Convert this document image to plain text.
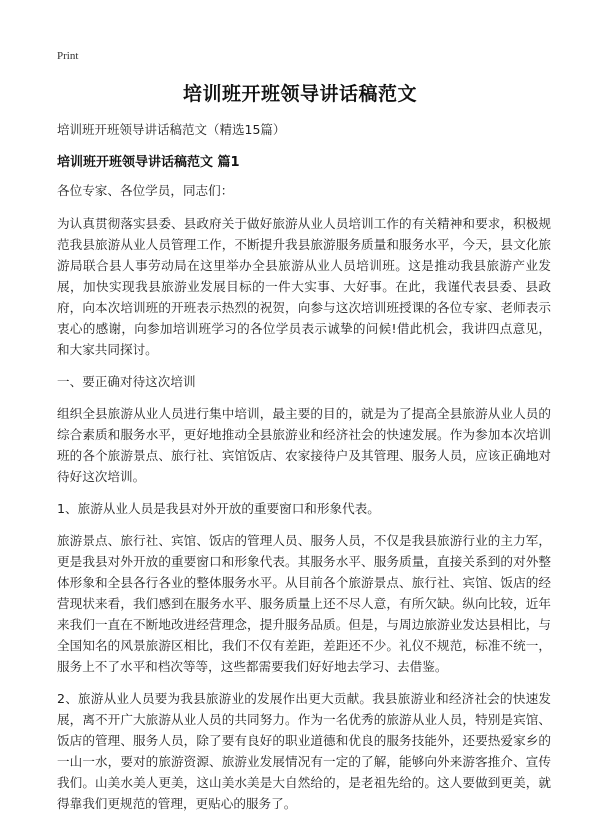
Print
培训班开班领导讲话稿范文
培训班开班领导讲话稿范文（精选15篇）
培训班开班领导讲话稿范文 篇1

各位专家、各位学员，同志们：

为认真贯彻落实县委、县政府关于做好旅游从业人员培训工作的有关精神和要求，积极规范我县旅游从业人员管理工作，不断提升我县旅游服务质量和服务水平，今天，县文化旅游局联合县人事劳动局在这里举办全县旅游从业人员培训班。这是推动我县旅游产业发展，加快实现我县旅游业发展目标的一件大实事、大好事。在此，我谨代表县委、县政府，向本次培训班的开班表示热烈的祝贺，向参与这次培训班授课的各位专家、老师表示衷心的感谢，向参加培训班学习的各位学员表示诚挚的问候!借此机会，我讲四点意见，和大家共同探讨。

一、要正确对待这次培训

组织全县旅游从业人员进行集中培训，最主要的目的，就是为了提高全县旅游从业人员的综合素质和服务水平，更好地推动全县旅游业和经济社会的快速发展。作为参加本次培训班的各个旅游景点、旅行社、宾馆饭店、农家接待户及其管理、服务人员，应该正确地对待好这次培训。

1、旅游从业人员是我县对外开放的重要窗口和形象代表。

旅游景点、旅行社、宾馆、饭店的管理人员、服务人员，不仅是我县旅游行业的主力军，更是我县对外开放的重要窗口和形象代表。其服务水平、服务质量，直接关系到的对外整体形象和全县各行各业的整体服务水平。从目前各个旅游景点、旅行社、宾馆、饭店的经营现状来看，我们感到在服务水平、服务质量上还不尽人意，有所欠缺。纵向比较，近年来我们一直在不断地改进经营理念，提升服务品质。但是，与周边旅游业发达县相比，与全国知名的风景旅游区相比，我们不仅有差距，差距还不少。礼仪不规范，标准不统一，服务上不了水平和档次等等，这些都需要我们好好地去学习、去借鉴。

2、旅游从业人员要为我县旅游业的发展作出更大贡献。我县旅游业和经济社会的快速发展，离不开广大旅游从业人员的共同努力。作为一名优秀的旅游从业人员，特别是宾馆、饭店的管理、服务人员，除了要有良好的职业道德和优良的服务技能外，还要热爱家乡的一山一水，要对的旅游资源、旅游业发展情况有一定的了解，能够向外来游客推介、宣传我们。山美水美人更美，这山美水美是大自然给的，是老祖先给的。这人要做到更美，就得靠我们更规范的管理，更贴心的服务了。
